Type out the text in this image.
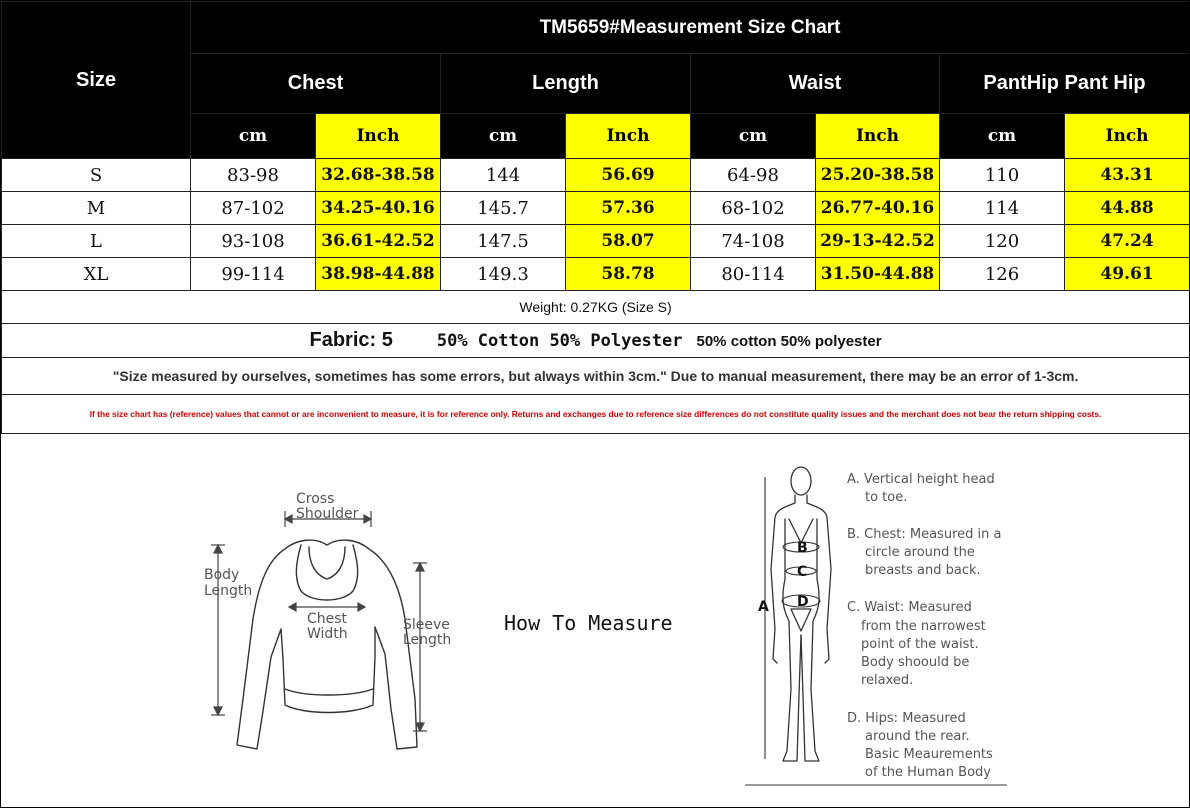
Size	TM5659#Measurement Size Chart							
	Chest		Length		Waist		PantHip Pant Hip	
	cm	Inch	cm	Inch	cm	Inch	cm	Inch
S	83-98	32.68-38.58	144	56.69	64-98	25.20-38.58	110	43.31
M	87-102	34.25-40.16	145.7	57.36	68-102	26.77-40.16	114	44.88
L	93-108	36.61-42.52	147.5	58.07	74-108	29-13-42.52	120	47.24
XL	99-114	38.98-44.88	149.3	58.78	80-114	31.50-44.88	126	49.61
Weight: 0.27KG (Size S)								
Fabric: 5 50% Cotton 50% Polyester 50% cotton 50% polyester								
"Size measured by ourselves, sometimes has some errors, but always within 3cm." Due to manual measurement, there may be an error of 1-3cm.								
If the size chart has (reference) values that cannot or are inconvenient to measure, it is for reference only. Returns and exchanges due to reference size differences do not constitute quality issues and the merchant does not bear the return shipping costs.								
Cross
Shoulder
Body
Length
Chest
Width
Sleeve
Length
How To Measure
A
B
C
D
A. Vertical height head
to toe.
B. Chest: Measured in a
circle around the
breasts and back.
C. Waist: Measured
from the narrowest
point of the waist.
Body shoould be
relaxed.
D. Hips: Measured
around the rear.
Basic Meaurements
of the Human Body
